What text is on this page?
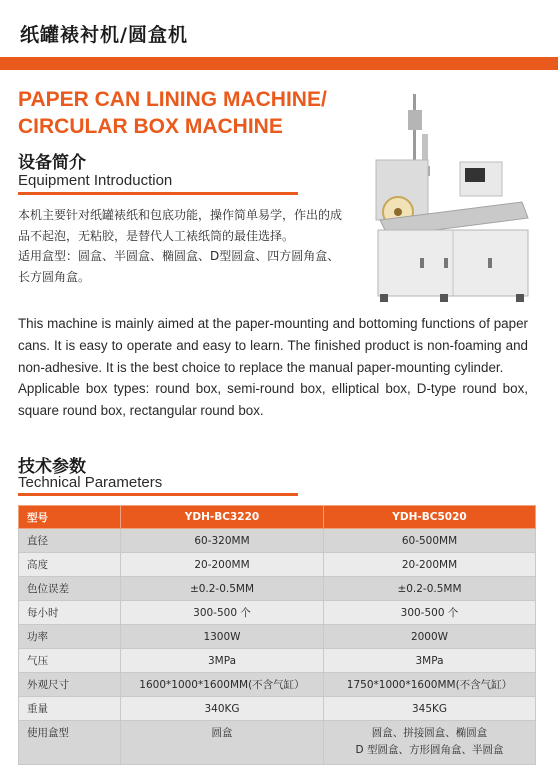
纸罐裱衬机/圆盒机
PAPER CAN LINING MACHINE/
CIRCULAR BOX MACHINE
设备简介
Equipment Introduction

本机主要针对纸罐裱纸和包底功能，操作简单易学，作出的成品不起泡，无粘胶，是替代人工裱纸筒的最佳选择。

适用盒型：圆盒、半圆盒、椭圆盒、D型圆盒、四方圆角盒、长方圆角盒。

This machine is mainly aimed at the paper-mounting and bottoming functions of paper cans. It is easy to operate and easy to learn. The finished product is non-foaming and non-adhesive. It is the best choice to replace the manual paper-mounting cylinder.

Applicable box types: round box, semi-round box, elliptical box, D-type round box, square round box, rectangular round box.

技术参数
Technical Parameters
型号	YDH-BC3220	YDH-BC5020
直径	60-320MM	60-500MM
高度	20-200MM	20-200MM
色位误差	±0.2-0.5MM	±0.2-0.5MM
每小时	300-500 个	300-500 个
功率	1300W	2000W
气压	3MPa	3MPa
外观尺寸	1600*1000*1600MM(不含气缸）	1750*1000*1600MM(不含气缸）
重量	340KG	345KG
使用盒型	圆盒	圆盒、拼接圆盒、椭圆盒
D 型圆盒、方形圆角盒、半圆盒
